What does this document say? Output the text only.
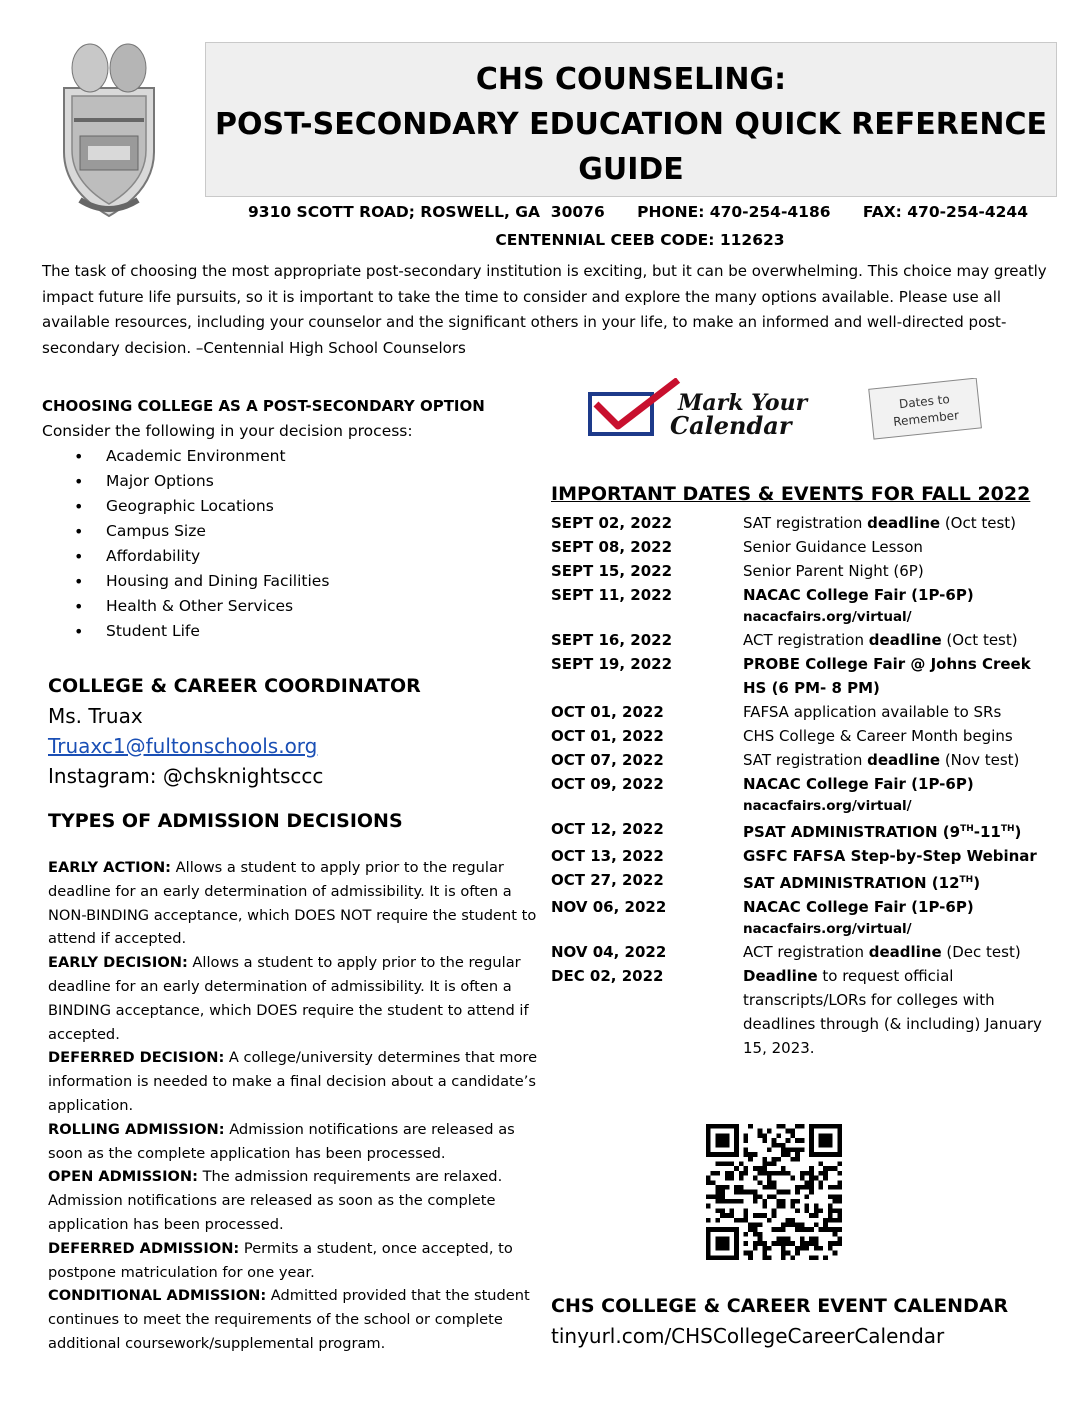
CHS COUNSELING:
POST-SECONDARY EDUCATION QUICK REFERENCE
GUIDE
9310 SCOTT ROAD; ROSWELL, GA  30076 PHONE: 470-254-4186 FAX: 470-254-4244
CENTENNIAL CEEB CODE: 112623
The task of choosing the most appropriate post-secondary institution is exciting, but it can be overwhelming. This choice may greatly impact future life pursuits, so it is important to take the time to consider and explore the many options available. Please use all available resources, including your counselor and the significant others in your life, to make an informed and well-directed post-secondary decision. –Centennial High School Counselors
CHOOSING COLLEGE AS A POST-SECONDARY OPTION
Consider the following in your decision process:
• Academic Environment
• Major Options
• Geographic Locations
• Campus Size
• Affordability
• Housing and Dining Facilities
• Health & Other Services
• Student Life
COLLEGE & CAREER COORDINATOR
Ms. Truax
Truaxc1@fultonschools.org
Instagram: @chsknightsccc
TYPES OF ADMISSION DECISIONS

EARLY ACTION: Allows a student to apply prior to the regular deadline for an early determination of admissibility. It is often a NON-BINDING acceptance, which DOES NOT require the student to attend if accepted.

EARLY DECISION: Allows a student to apply prior to the regular deadline for an early determination of admissibility. It is often a BINDING acceptance, which DOES require the student to attend if accepted.

DEFERRED DECISION: A college/university determines that more information is needed to make a final decision about a candidate’s application.

ROLLING ADMISSION: Admission notifications are released as soon as the complete application has been processed.

OPEN ADMISSION: The admission requirements are relaxed. Admission notifications are released as soon as the complete application has been processed.

DEFERRED ADMISSION: Permits a student, once accepted, to postpone matriculation for one year.

CONDITIONAL ADMISSION: Admitted provided that the student continues to meet the requirements of the school or complete additional coursework/supplemental program.

Mark Your
Calendar
Dates to
Remember
IMPORTANT DATES & EVENTS FOR FALL 2022
SEPT 02, 2022	SAT registration deadline (Oct test)
SEPT 08, 2022	Senior Guidance Lesson
SEPT 15, 2022	Senior Parent Night (6P)
SEPT 11, 2022	NACAC College Fair (1P-6P)
nacacfairs.org/virtual/
SEPT 16, 2022	ACT registration deadline (Oct test)
SEPT 19, 2022	PROBE College Fair @ Johns Creek HS (6 PM- 8 PM)
OCT 01, 2022	FAFSA application available to SRs
OCT 01, 2022	CHS College & Career Month begins
OCT 07, 2022	SAT registration deadline (Nov test)
OCT 09, 2022	NACAC College Fair (1P-6P)
nacacfairs.org/virtual/
OCT 12, 2022	PSAT ADMINISTRATION (9TH-11TH)
OCT 13, 2022	GSFC FAFSA Step-by-Step Webinar
OCT 27, 2022	SAT ADMINISTRATION (12TH)
NOV 06, 2022	NACAC College Fair (1P-6P)
nacacfairs.org/virtual/
NOV 04, 2022	ACT registration deadline (Dec test)
DEC 02, 2022	Deadline to request official transcripts/LORs for colleges with deadlines through (& including) January 15, 2023.
CHS COLLEGE & CAREER EVENT CALENDAR
tinyurl.com/CHSCollegeCareerCalendar
